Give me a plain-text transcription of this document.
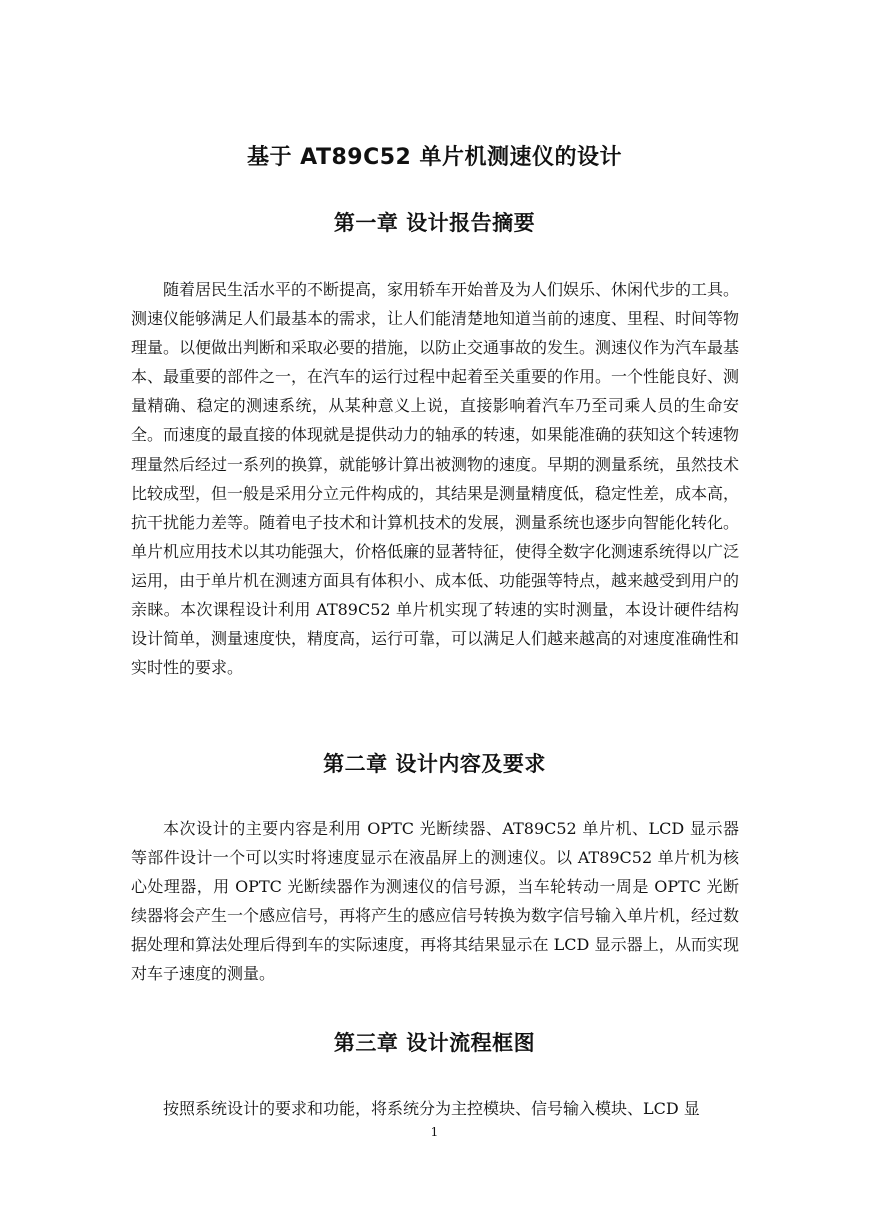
基于 AT89C52 单片机测速仪的设计
第一章 设计报告摘要

随着居民生活水平的不断提高，家用轿车开始普及为人们娱乐、休闲代步的工具。测速仪能够满足人们最基本的需求，让人们能清楚地知道当前的速度、里程、时间等物理量。以便做出判断和采取必要的措施，以防止交通事故的发生。测速仪作为汽车最基本、最重要的部件之一，在汽车的运行过程中起着至关重要的作用。一个性能良好、测量精确、稳定的测速系统，从某种意义上说，直接影响着汽车乃至司乘人员的生命安全。而速度的最直接的体现就是提供动力的轴承的转速，如果能准确的获知这个转速物理量然后经过一系列的换算，就能够计算出被测物的速度。早期的测量系统，虽然技术比较成型，但一般是采用分立元件构成的，其结果是测量精度低，稳定性差，成本高，抗干扰能力差等。随着电子技术和计算机技术的发展，测量系统也逐步向智能化转化。单片机应用技术以其功能强大，价格低廉的显著特征，使得全数字化测速系统得以广泛运用，由于单片机在测速方面具有体积小、成本低、功能强等特点，越来越受到用户的亲睐。本次课程设计利用 AT89C52 单片机实现了转速的实时测量，本设计硬件结构设计简单，测量速度快，精度高，运行可靠，可以满足人们越来越高的对速度准确性和实时性的要求。

第二章 设计内容及要求

本次设计的主要内容是利用 OPTC 光断续器、AT89C52 单片机、LCD 显示器等部件设计一个可以实时将速度显示在液晶屏上的测速仪。以 AT89C52 单片机为核心处理器，用 OPTC 光断续器作为测速仪的信号源，当车轮转动一周是 OPTC 光断续器将会产生一个感应信号，再将产生的感应信号转换为数字信号输入单片机，经过数据处理和算法处理后得到车的实际速度，再将其结果显示在 LCD 显示器上，从而实现对车子速度的测量。

第三章 设计流程框图

按照系统设计的要求和功能，将系统分为主控模块、信号输入模块、LCD 显

1
